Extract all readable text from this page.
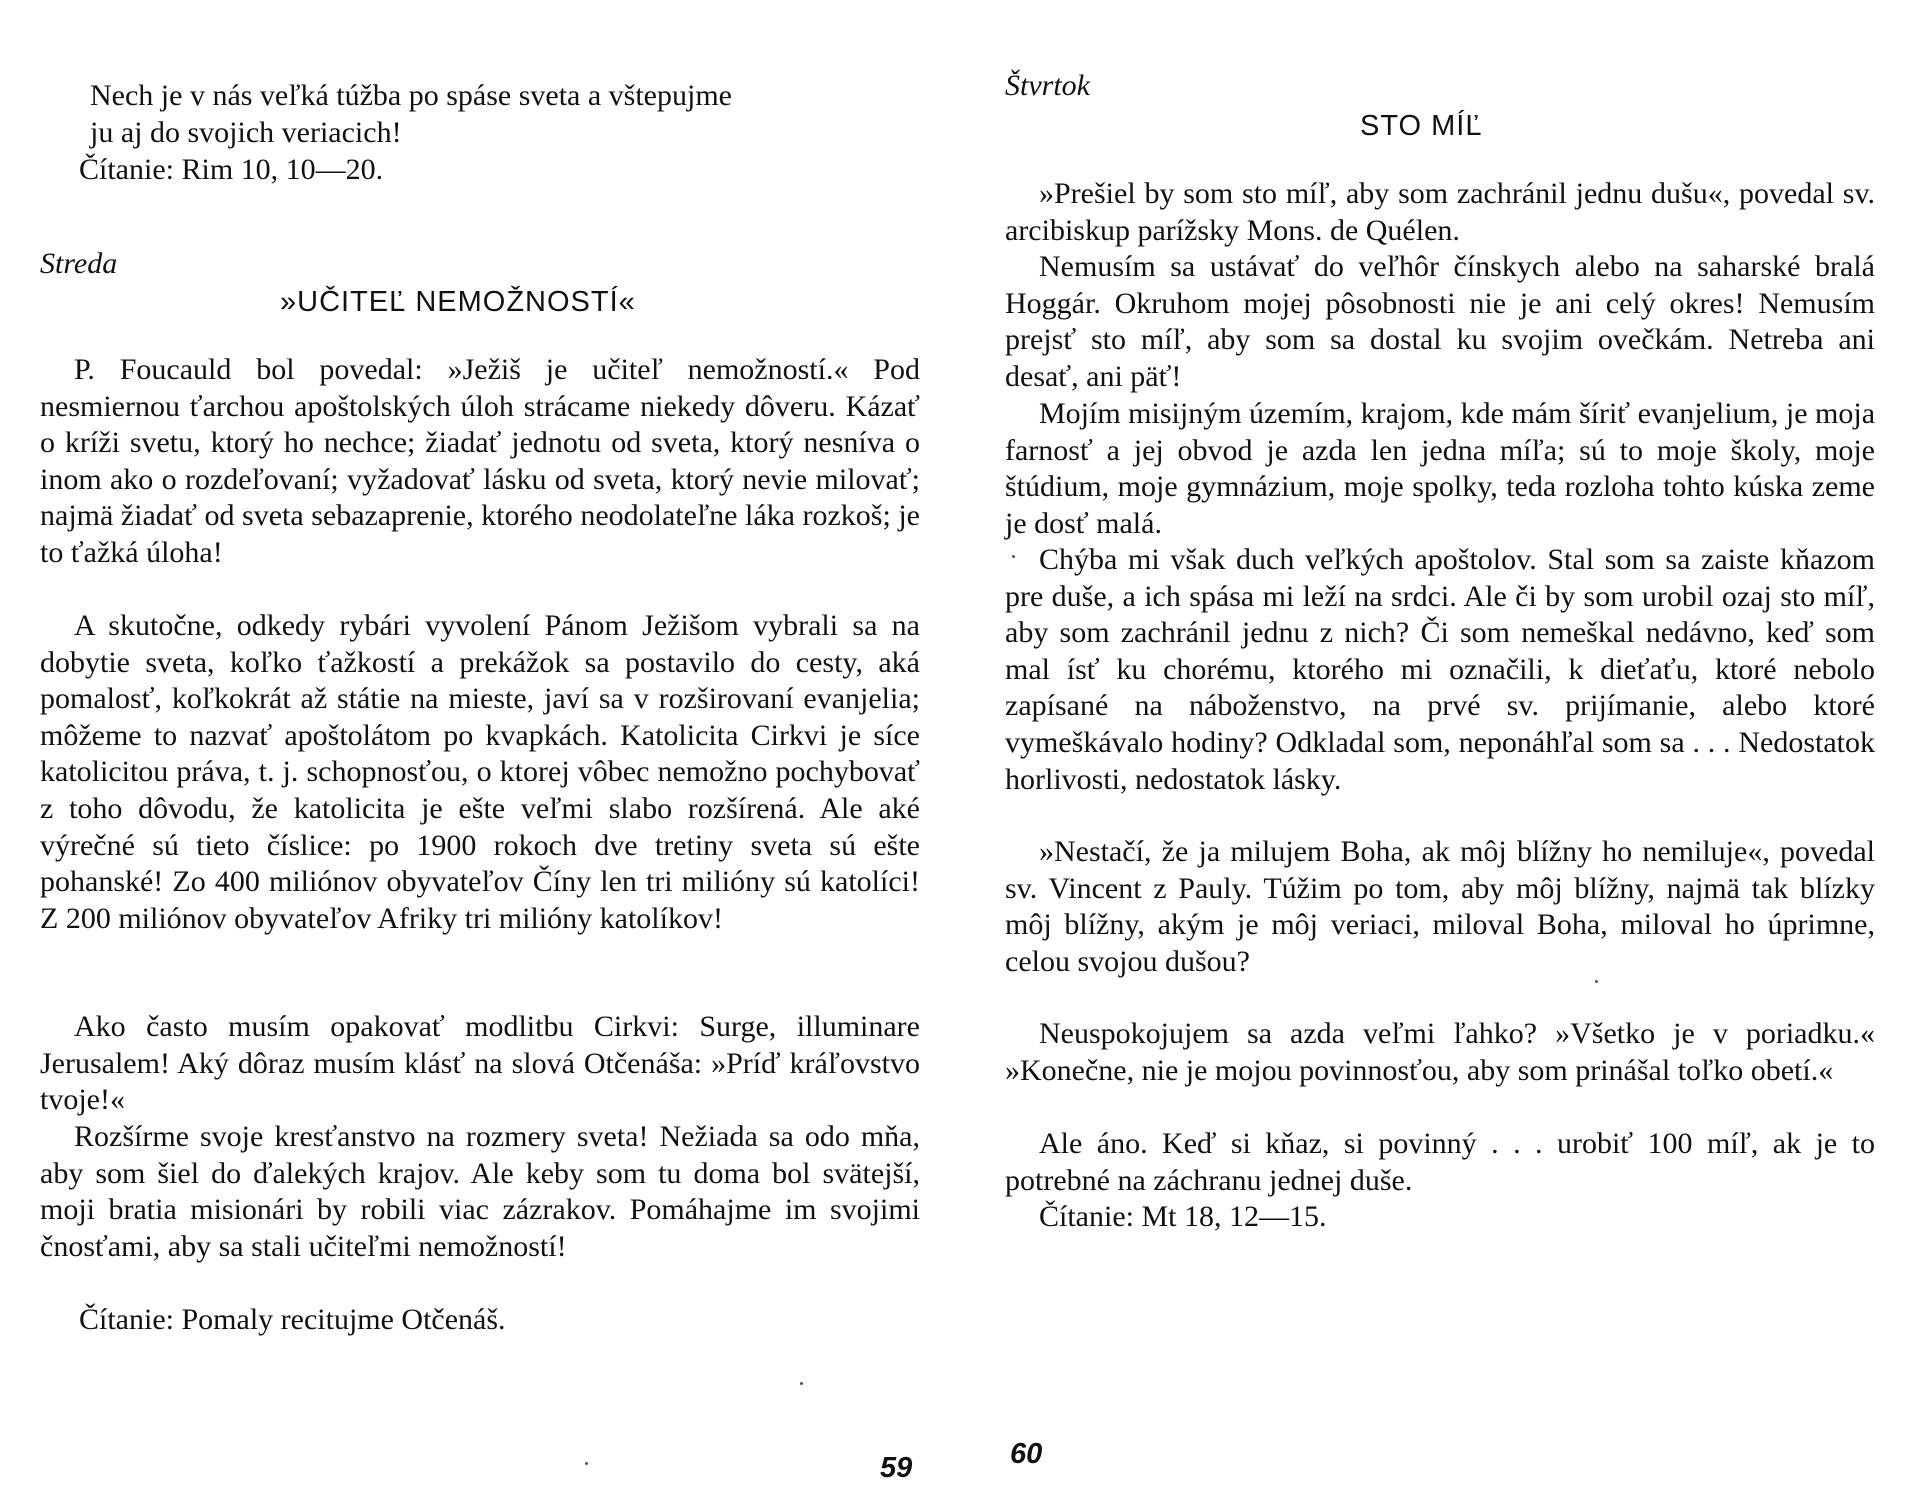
Nech je v nás veľká túžba po spáse sveta a vštepujme
ju aj do svojich veriacich!

Čítanie: Rim 10, 10—20.

Streda

»UČITEĽ NEMOŽNOSTÍ«

P. Foucauld bol povedal: »Ježiš je učiteľ nemožností.« Pod nesmiernou ťarchou apoštolských úloh strácame niekedy dôveru. Kázať o kríži svetu, ktorý ho nechce; žiadať jednotu od sveta, ktorý nesníva o inom ako o rozdeľovaní; vyžadovať lásku od sveta, ktorý nevie milovať; najmä žiadať od sveta sebazaprenie, ktorého neodolateľne láka rozkoš; je to ťažká úloha!

A skutočne, odkedy rybári vyvolení Pánom Ježišom vybrali sa na dobytie sveta, koľko ťažkostí a prekážok sa postavilo do cesty, aká pomalosť, koľkokrát až státie na mieste, javí sa v rozširovaní evanjelia; môžeme to nazvať apoštolátom po kvapkách. Katolicita Cirkvi je síce katolicitou práva, t. j. schopnosťou, o ktorej vôbec nemožno pochybovať z toho dôvodu, že katolicita je ešte veľmi slabo rozšírená. Ale aké výrečné sú tieto číslice: po 1900 rokoch dve tretiny sveta sú ešte pohanské! Zo 400 miliónov obyvateľov Číny len tri milióny sú katolíci! Z 200 miliónov obyvateľov Afriky tri milióny katolíkov!

Ako často musím opakovať modlitbu Cirkvi: Surge, illuminare Jerusalem! Aký dôraz musím klásť na slová Otčenáša: »Príď kráľovstvo tvoje!«

Rozšírme svoje kresťanstvo na rozmery sveta! Nežiada sa odo mňa, aby som šiel do ďalekých krajov. Ale keby som tu doma bol svätejší, moji bratia misionári by robili viac zázrakov. Pomáhajme im svojimi čnosťami, aby sa stali učiteľmi nemožností!

Čítanie: Pomaly recitujme Otčenáš.

59

Štvrtok

STO MÍĽ

»Prešiel by som sto míľ, aby som zachránil jednu dušu«, povedal sv. arcibiskup parížsky Mons. de Quélen.

Nemusím sa ustávať do veľhôr čínskych alebo na saharské bralá Hoggár. Okruhom mojej pôsobnosti nie je ani celý okres! Nemusím prejsť sto míľ, aby som sa dostal ku svojim ovečkám. Netreba ani desať, ani päť!

Mojím misijným územím, krajom, kde mám šíriť evanjelium, je moja farnosť a jej obvod je azda len jedna míľa; sú to moje školy, moje štúdium, moje gymnázium, moje spolky, teda rozloha tohto kúska zeme je dosť malá.

Chýba mi však duch veľkých apoštolov. Stal som sa zaiste kňazom pre duše, a ich spása mi leží na srdci. Ale či by som urobil ozaj sto míľ, aby som zachránil jednu z nich? Či som nemeškal nedávno, keď som mal ísť ku chorému, ktorého mi označili, k dieťaťu, ktoré nebolo zapísané na náboženstvo, na prvé sv. prijímanie, alebo ktoré vymeškávalo hodiny? Odkladal som, neponáhľal som sa . . . Nedostatok horlivosti, nedostatok lásky.

»Nestačí, že ja milujem Boha, ak môj blížny ho nemiluje«, povedal sv. Vincent z Pauly. Túžim po tom, aby môj blížny, najmä tak blízky môj blížny, akým je môj veriaci, miloval Boha, miloval ho úprimne, celou svojou dušou?

Neuspokojujem sa azda veľmi ľahko? »Všetko je v poriadku.« »Konečne, nie je mojou povinnosťou, aby som prinášal toľko obetí.«

Ale áno. Keď si kňaz, si povinný . . . urobiť 100 míľ, ak je to potrebné na záchranu jednej duše.

Čítanie: Mt 18, 12—15.

60
